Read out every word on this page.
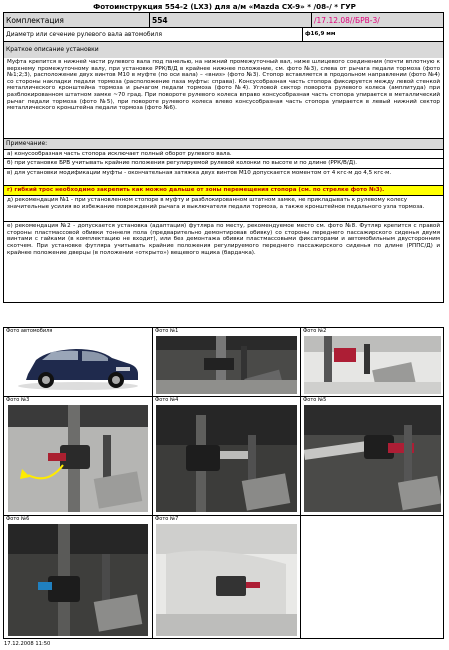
Фотоинструкция 554-2 (LX3) для а/м «Mazda CX-9» * /08-/ * ГУР
Комплектация	554	/17.12.08//БРВ-3/
Диаметр или сечение рулевого вала автомобиля	ф16,9 мм
Краткое описание установки
Муфта крепится в нижней части рулевого вала под панелью, на нижний промежуточный вал, ниже шлицевого соединения (почти вплотную к верхнему промежуточному валу, при установке РРК/В/Д в крайнее нижнее положение, см. фото №3), слева от рычага педали тормоза (фото №1;2;3), расположение двух винтов М10 в муфте (по оси вала) – «вниз» (фото №3). Стопор вставляется в продольном направлении (фото №4) со стороны накладки педали тормоза (расположение паза муфты: справа). Консусобразная часть стопора фиксируется между левой стенкой металлического кронштейна тормоза и рычагом педали тормоза (фото №4). Угловой сектор поворота рулевого колеса (амплитуда) при разблокированном штатном замке ~70 град. При повороте рулевого колеса вправо консусобразная часть стопора упирается в металлический рычаг педали тормоза (фото №5), при повороте рулевого колеса влево консусобразная часть стопора упирается в левый нижний сектор металлического кронштейна педали тормоза (фото №6).
Примечание:
а) конусообразная часть стопора исключает полный оборот рулевого вала.
б) при установке БРВ учитывать крайние положения регулируемой рулевой колонки по высоте и по длине (РРК/В/Д).
в) для установки модификации муфты - окончательная затяжка двух винтов М10 допускается моментом от 4 кгс·м до 4,5 кгс·м.
г) гибкий трос необходимо закрепить как можно дальше от зоны перемещения стопора (см. по стрелке фото №3).
д) рекомендация №1 - при установленном стопоре в муфту и разблокированном штатном замке, не прикладывать к рулевому колесу значительные усилия во избежание повреждений рычага и выключателя педали тормоза, а также кронштейнов педального узла тормоза.
е) рекомендация №2 - допускается установка (адаптация) футляра по месту, рекомендуемое место см. фото №8. Футляр крепится с правой стороны пластмассовой обивки тоннеля пола (предварительно демонтировав обивку) со стороны переднего пассажирского сиденья двумя винтами с гайками (в комплектацию не входит), или без демонтажа обивки пластмассовыми фиксаторами и автомобильным двусторонним скотчем. При установке футляра учитывать крайние положения регулируемого переднего пассажирского сиденья по длине (РППС/Д) и крайнее положение дверцы (в положении «открыто») вещевого ящика (бардачка).
Фото автомобиля	Фото №1	Фото №2
Фото №3	Фото №4	Фото №5
Фото №6	Фото №7
17.12.2008 11:50
